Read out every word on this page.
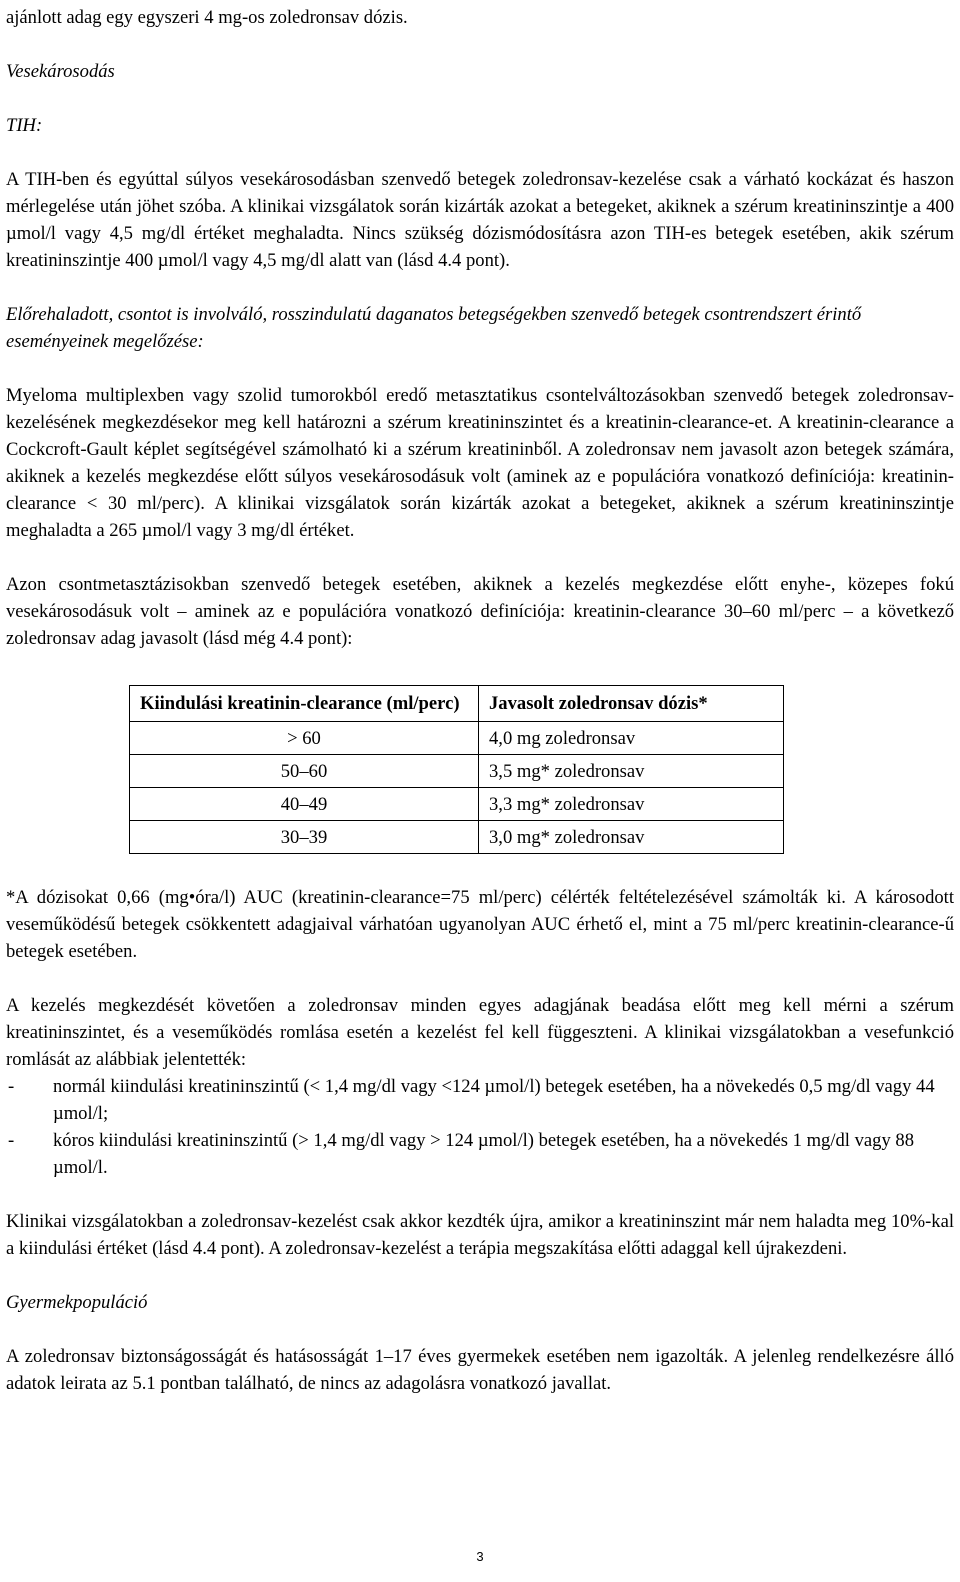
ajánlott adag egy egyszeri 4 mg-os zoledronsav dózis.

Vesekárosodás

TIH:

A TIH-ben és egyúttal súlyos vesekárosodásban szenvedő betegek zoledronsav-kezelése csak a várható kockázat és haszon mérlegelése után jöhet szóba. A klinikai vizsgálatok során kizárták azokat a betegeket, akiknek a szérum kreatininszintje a 400 µmol/l vagy 4,5 mg/dl értéket meghaladta. Nincs szükség dózismódosításra azon TIH-es betegek esetében, akik szérum kreatininszintje 400 µmol/l vagy 4,5 mg/dl alatt van (lásd 4.4 pont).

Előrehaladott, csontot is involváló, rosszindulatú daganatos betegségekben szenvedő betegek csontrendszert érintő eseményeinek megelőzése:

Myeloma multiplexben vagy szolid tumorokból eredő metasztatikus csontelváltozásokban szenvedő betegek zoledronsav-kezelésének megkezdésekor meg kell határozni a szérum kreatininszintet és a kreatinin-clearance-et. A kreatinin-clearance a Cockcroft-Gault képlet segítségével számolható ki a szérum kreatininből. A zoledronsav nem javasolt azon betegek számára, akiknek a kezelés megkezdése előtt súlyos vesekárosodásuk volt (aminek az e populációra vonatkozó definíciója: kreatinin-clearance < 30 ml/perc). A klinikai vizsgálatok során kizárták azokat a betegeket, akiknek a szérum kreatininszintje meghaladta a 265 µmol/l vagy 3 mg/dl értéket.

Azon csontmetasztázisokban szenvedő betegek esetében, akiknek a kezelés megkezdése előtt enyhe-, közepes fokú vesekárosodásuk volt – aminek az e populációra vonatkozó definíciója: kreatinin-clearance 30–60 ml/perc – a következő zoledronsav adag javasolt (lásd még 4.4 pont):

Kiindulási kreatinin-clearance (ml/perc)	Javasolt zoledronsav dózis*
> 60	4,0 mg zoledronsav
50–60	3,5 mg* zoledronsav
40–49	3,3 mg* zoledronsav
30–39	3,0 mg* zoledronsav

*A dózisokat 0,66 (mg•óra/l) AUC (kreatinin-clearance=75 ml/perc) célérték feltételezésével számolták ki. A károsodott veseműködésű betegek csökkentett adagjaival várhatóan ugyanolyan AUC érhető el, mint a 75 ml/perc kreatinin-clearance-ű betegek esetében.

A kezelés megkezdését követően a zoledronsav minden egyes adagjának beadása előtt meg kell mérni a szérum kreatininszintet, és a veseműködés romlása esetén a kezelést fel kell függeszteni. A klinikai vizsgálatokban a vesefunkció romlását az alábbiak jelentették:

-	normál kiindulási kreatininszintű (< 1,4 mg/dl vagy <124 µmol/l) betegek esetében, ha a növekedés 0,5 mg/dl vagy 44 µmol/l;
-	kóros kiindulási kreatininszintű (> 1,4 mg/dl vagy > 124 µmol/l) betegek esetében, ha a növekedés 1 mg/dl vagy 88 µmol/l.

Klinikai vizsgálatokban a zoledronsav-kezelést csak akkor kezdték újra, amikor a kreatininszint már nem haladta meg 10%-kal a kiindulási értéket (lásd 4.4 pont). A zoledronsav-kezelést a terápia megszakítása előtti adaggal kell újrakezdeni.

Gyermekpopuláció

A zoledronsav biztonságosságát és hatásosságát 1–17 éves gyermekek esetében nem igazolták. A jelenleg rendelkezésre álló adatok leirata az 5.1 pontban található, de nincs az adagolásra vonatkozó javallat.

3
